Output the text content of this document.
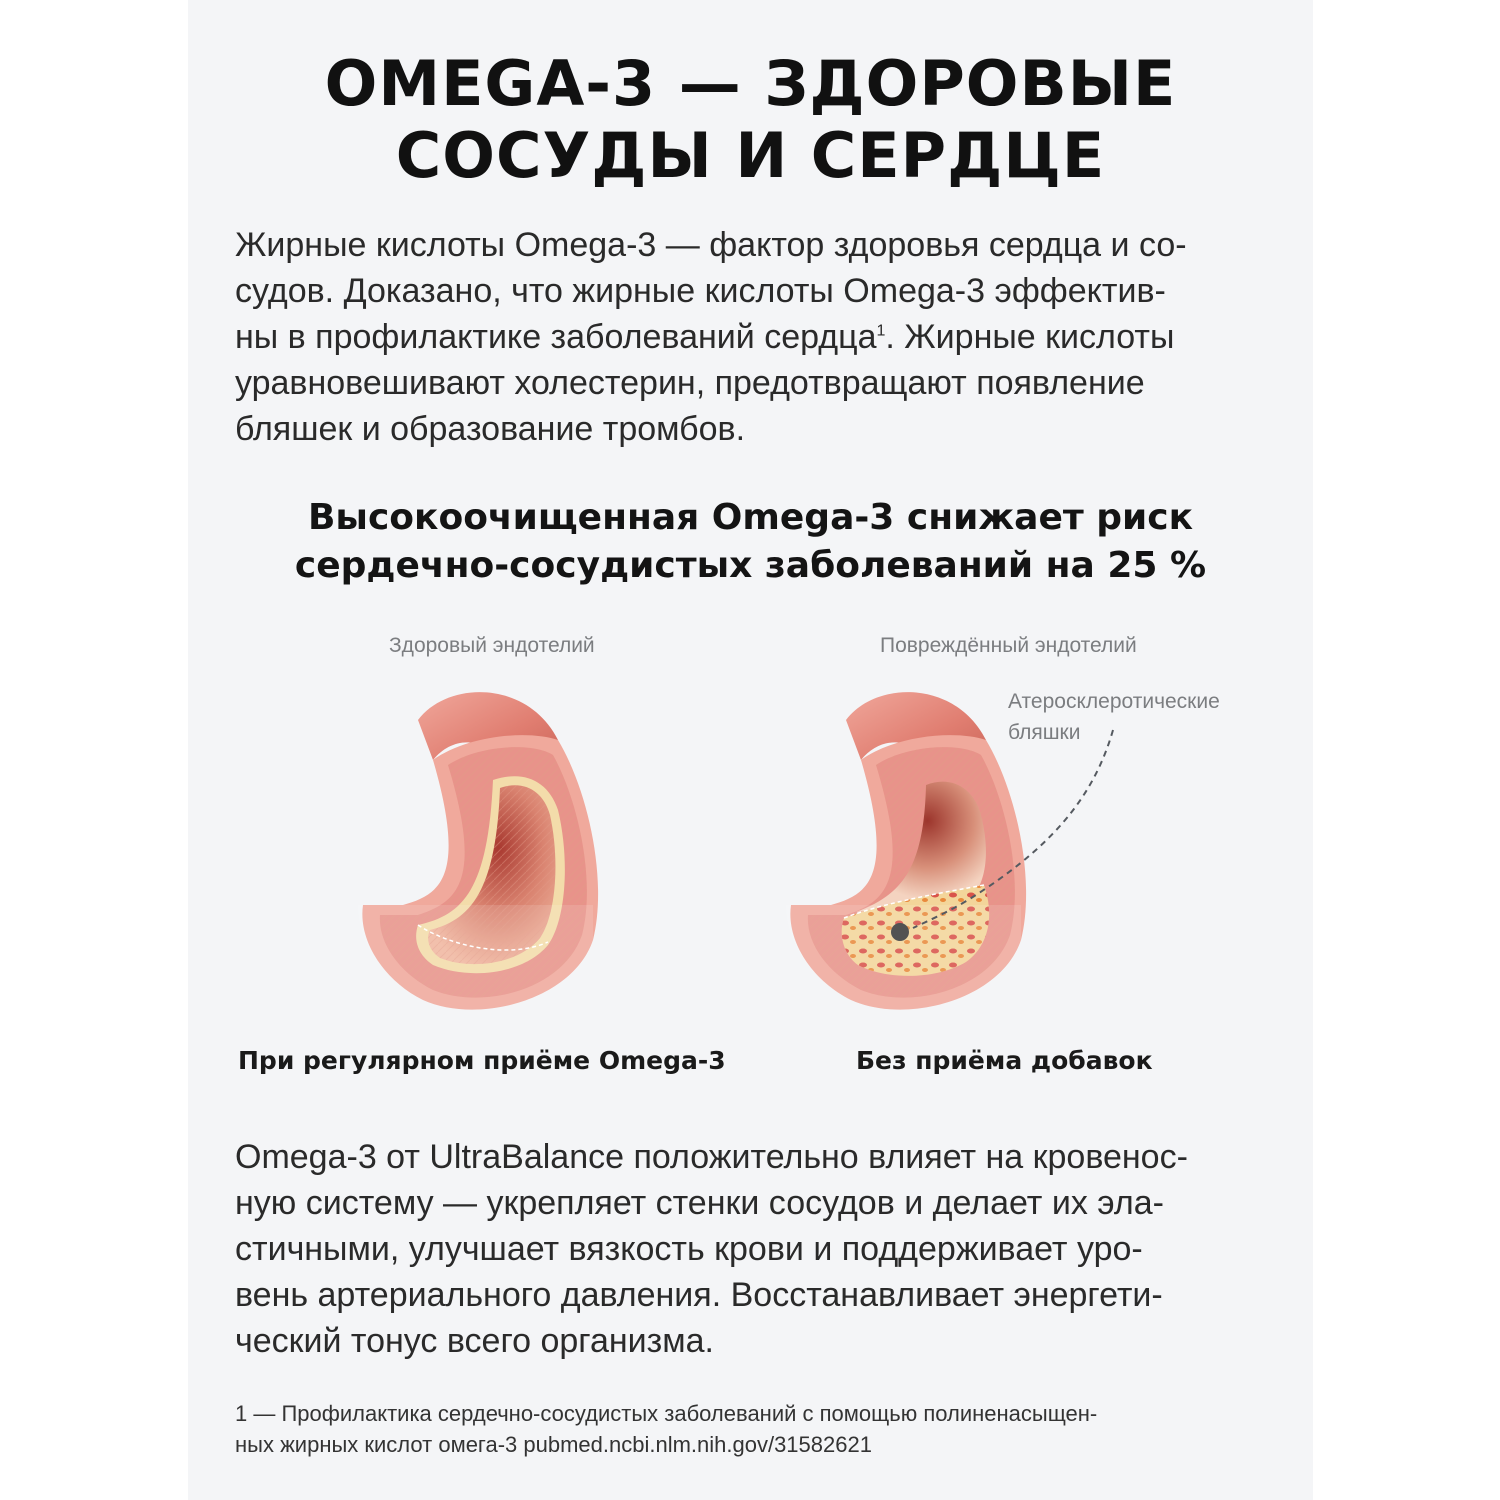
OMEGA-3 — ЗДОРОВЫЕ
СОСУДЫ И СЕРДЦЕ
Жирные кислоты Omega-3 — фактор здоровья сердца и со-
судов. Доказано, что жирные кислоты Omega-3 эффектив-
ны в профилактике заболеваний сердца$^1$. Жирные кислоты
уравновешивают холестерин, предотвращают появление
бляшек и образование тромбов.
Высокоочищенная Omega-3 снижает риск
сердечно-сосудистых заболеваний на 25 %
Здоровый эндотелий	Повреждённый эндотелий
Атеросклеротические
бляшки
При регулярном приёме Omega-3	Без приёма добавок
Omega-3 от UltraBalance положительно влияет на кровенос-
ную систему — укрепляет стенки сосудов и делает их эла-
стичными, улучшает вязкость крови и поддерживает уро-
вень артериального давления. Восстанавливает энергети-
ческий тонус всего организма.
1 — Профилактика сердечно-сосудистых заболеваний с помощью полиненасыщен-
ных жирных кислот омега-3 pubmed.ncbi.nlm.nih.gov/31582621
